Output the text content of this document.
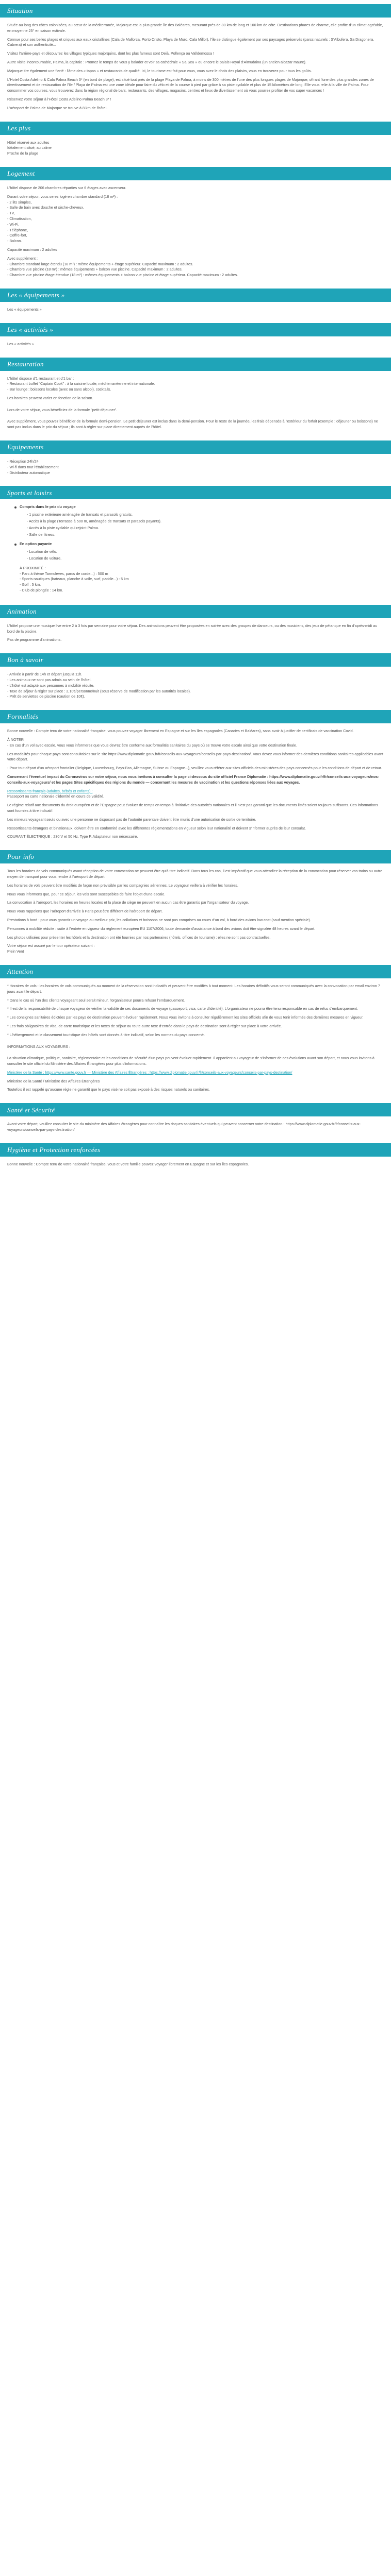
Situation

Située au long des côtes colonisées, au cœur de la méditerranée, Majorque est la plus grande île des Baléares, mesurant près de 80 km de long et 100 km de côte. Destinations phares de charme, elle profite d'un climat agréable, en moyenne 25° en saison estivale.

Connue pour ses belles plages et criques aux eaux cristallines (Cala de Mallorca, Porto Cristo, Playa de Muro, Cala Millor), l'île se distingue également par ses paysages préservés (parcs naturels : S'Albufera, Sa Dragonera, Cabrera) et son authenticité...

Visitez l'arrière-pays et découvrez les villages typiques majorquins, dont les plus fameux sont Deià, Pollença ou Valldemossa !

Autre visite incontournable, Palma, la capitale : Promez le temps de vous y balader et voir sa cathédrale « Sa Seu » ou encore le palais Royal d'Almudaina (un ancien alcazar maure).

Majorque tire également une fierté : l'âme des « tapas » et restaurants de qualité. Ici, le tourisme est fait pour vous, vous avez le choix des plaisirs, vous en trouverez pour tous les goûts.

L'Hotel Costa Adelino & Cala Palma Beach 3* (en bord de plage), est situé tout près de la plage Playa de Palma, à moins de 300 mètres de l'une des plus longues plages de Majorque, offrant l'une des plus grandes zones de divertissement et de restauration de l'île / Playa de Palma est une zone idéale pour faire du vélo et de la course à pied par grâce à sa piste cyclable et plus de 15 kilomètres de long. Elle vous relie à la ville de Palma. Pour consommer vos courses, vous trouverez dans la région régional de bars, restaurants, des villages, magasins, centres et lieux de divertissement où vous pourrez profiter de vos super vacances !

Réservez votre séjour à l'Hôtel Costa Adelino Palma Beach 3* !

L'aéroport de Palma de Majorque se trouve à 8 km de l'hôtel.

Les plus

Hôtel réservé aux adultes

Idéalement situé, au calme

Proche de la plage

Logement

L'hôtel dispose de 206 chambres réparties sur 6 étages avec ascenseur.

Durant votre séjour, vous serez logé en chambre standard (18 m²) :

- 2 lits simples,

- Salle de bain avec douche et sèche-cheveux,

- TV,

- Climatisation,

- Wi-Fi,

- Téléphone,

- Coffre-fort,

- Balcon.

Capacité maximum : 2 adultes

Avec supplément :

- Chambre standard large étendu (18 m²) : même équipements + étage supérieur. Capacité maximum : 2 adultes.

- Chambre vue piscine (18 m²) : mêmes équipements + balcon vue piscine. Capacité maximum : 2 adultes.

- Chambre vue piscine étage étendue (18 m²) : mêmes équipements + balcon vue piscine et étage supérieur. Capacité maximum : 2 adultes.

Les « équipements »

Les « équipements »

Les « activités »

Les « activités »

Restauration

L'hôtel dispose d'1 restaurant et d'1 bar :

- Restaurant buffet "Captain Cook" : à la cuisine locale, méditerranéenne et internationale.

- Bar lounge : boissons locales (avec ou sans alcool), cocktails.

Les horaires peuvent varier en fonction de la saison.

Lors de votre séjour, vous bénéficiez de la formule "petit-déjeuner".

Avec supplément, vous pouvez bénéficier de la formule demi-pension. Le petit-déjeuner est inclus dans la demi-pension. Pour le reste de la journée, les frais dépensés à l'extérieur du forfait (exemple : déjeuner ou boissons) ne sont pas inclus dans le prix du séjour ; ils sont à régler sur place directement auprès de l'hôtel.

Equipements

- Réception 24h/24

- Wi-fi dans tout l'établissement

- Distributeur automatique

Sports et loisirs
Compris dans le prix du voyage
- 1 piscine extérieure aménagée de transats et parasols gratuits.
- Accès à la plage (Terrasse à 500 m, aménagée de transats et parasols payants).
- Accès à la piste cyclable qui rejoint Palma.
- Salle de fitness.
En option payante
- Location de vélo.
- Location de voiture.

À PROXIMITÉ :

- Parc à thème Tarmuleves, parcs de corde...) : 500 m

- Sports nautiques (bateaux, planche à voile, surf, paddle...) : 5 km

- Golf : 5 km.

- Club de plongée : 14 km.

Animation

L'hôtel propose une musique live entre 2 à 3 fois par semaine pour votre séjour. Des animations peuvent être proposées en soirée avec des groupes de danseurs, ou des musiciens, des jeux de pétanque en fin d'après-midi au bord de la piscine.

Pas de programme d'animations.

Bon à savoir

- Arrivée à partir de 14h et départ jusqu'à 11h.

- Les animaux ne sont pas admis au sein de l'hôtel.

- L'hôtel est adapté aux personnes à mobilité réduite.

- Taxe de séjour à régler sur place : 2,10€/personne/nuit (sous réserve de modification par les autorités locales).

- Prêt de serviettes de piscine (caution de 10€).

Formalités

Bonne nouvelle : Compte tenu de votre nationalité française, vous pouvez voyager librement en Espagne et sur les îles espagnoles (Canaries et Baléares), sans avoir à justifier de certificats de vaccination Covid.

À NOTER

- En cas d'un vol avec escale, vous vous informerez que vous devrez être conforme aux formalités sanitaires du pays où se trouve votre escale ainsi que votre destination finale.

Les modalités pour chaque pays sont consultables sur le site https://www.diplomatie.gouv.fr/fr/conseils-aux-voyageurs/conseils-par-pays-destination/. Vous devez vous informer des dernières conditions sanitaires applicables avant votre départ.

- Pour tout départ d'un aéroport frontalier (Belgique, Luxembourg, Pays-Bas, Allemagne, Suisse ou Espagne...), veuillez vous référer aux sites officiels des ministères des pays concernés pour les conditions de départ et de retour.

Concernant l'éventuel impact du Coronavirus sur votre séjour, nous vous invitons à consulter la page ci-dessous du site officiel France Diplomatie : https://www.diplomatie.gouv.fr/fr/conseils-aux-voyageurs/nos-conseils-aux-voyageurs/ et les pages Sites spécifiques des régions du monde — concernant les mesures de vaccination et les questions réponses liées aux voyages.

Ressortissants français (adultes, bébés et enfants) :

Passeport ou carte nationale d'identité en cours de validité.

Le régime relatif aux documents du droit européen et de l'Espagne peut évoluer de temps en temps à l'initiative des autorités nationales et il n'est pas garanti que les documents listés soient toujours suffisants. Ces informations sont fournies à titre indicatif.

Les mineurs voyageant seuls ou avec une personne ne disposant pas de l'autorité parentale doivent être munis d'une autorisation de sortie de territoire.

Ressortissants étrangers et binationaux, doivent être en conformité avec les différentes réglementations en vigueur selon leur nationalité et doivent s'informer auprès de leur consulat.

COURANT ÉLECTRIQUE : 230 V et 50 Hz. Type F. Adaptateur non nécessaire.

Pour info

Tous les horaires de vols communiqués avant réception de votre convocation ne peuvent être qu'à titre indicatif. Dans tous les cas, il est impératif que vous attendiez la réception de la convocation pour réserver vos trains ou autre moyen de transport pour vous rendre à l'aéroport de départ.

Les horaires de vols peuvent être modifiés de façon non prévisible par les compagnies aériennes. Le voyageur veillera à vérifier les horaires.

Nous vous informons que, pour ce séjour, les vols sont susceptibles de faire l'objet d'une escale.

La convocation à l'aéroport, les horaires en heures locales et la place de siège ne peuvent en aucun cas être garantis par l'organisateur du voyage.

Nous vous rappelons que l'aéroport d'arrivée à Paris peut être différent de l'aéroport de départ.

Prestations à bord : pour vous garantir un voyage au meilleur prix, les collations et boissons ne sont pas comprises au cours d'un vol, à bord des avions low cost (sauf mention spéciale).

Personnes à mobilité réduite : suite à l'entrée en vigueur du règlement européen EU 1107/2006, toute demande d'assistance à bord des avions doit être signalée 48 heures avant le départ.

Les photos utilisées pour présenter les hôtels et la destination ont été fournies par nos partenaires (hôtels, offices de tourisme) : elles ne sont pas contractuelles.

Votre séjour est assuré par le tour opérateur suivant :

Plein Vent

Attention

* Horaires de vols : les horaires de vols communiqués au moment de la réservation sont indicatifs et peuvent être modifiés à tout moment. Les horaires définitifs vous seront communiqués avec la convocation par email environ 7 jours avant le départ.

* Dans le cas où l'un des clients voyageant seul serait mineur, l'organisateur pourra refuser l'embarquement.

* Il est de la responsabilité de chaque voyageur de vérifier la validité de ses documents de voyage (passeport, visa, carte d'identité). L'organisateur ne pourra être tenu responsable en cas de refus d'embarquement.

* Les consignes sanitaires édictées par les pays de destination peuvent évoluer rapidement. Nous vous invitons à consulter régulièrement les sites officiels afin de vous tenir informés des dernières mesures en vigueur.

* Les frais obligatoires de visa, de carte touristique et les taxes de séjour ou toute autre taxe d'entrée dans le pays de destination sont à régler sur place à votre arrivée.

* L'hébergement et le classement touristique des hôtels sont donnés à titre indicatif, selon les normes du pays concerné.

INFORMATIONS AUX VOYAGEURS :

La situation climatique, politique, sanitaire, réglementaire et les conditions de sécurité d'un pays peuvent évoluer rapidement. Il appartient au voyageur de s'informer de ces évolutions avant son départ, et nous vous invitons à consulter le site officiel du Ministère des Affaires Étrangères pour plus d'informations.

Ministère de la Santé : https://www.sante.gouv.fr — Ministère des Affaires Étrangères : https://www.diplomatie.gouv.fr/fr/conseils-aux-voyageurs/conseils-par-pays-destination/

Ministère de la Santé / Ministère des Affaires Étrangères

Toutefois il est rappelé qu'aucune règle ne garantit que le pays visé ne soit pas exposé à des risques naturels ou sanitaires.

Santé et Sécurité

Avant votre départ, veuillez consulter le site du ministère des Affaires étrangères pour connaître les risques sanitaires éventuels qui peuvent concerner votre destination : https://www.diplomatie.gouv.fr/fr/conseils-aux-voyageurs/conseils-par-pays-destination/

Hygiène et Protection renforcées

Bonne nouvelle : Compte tenu de votre nationalité française, vous et votre famille pouvez voyager librement en Espagne et sur les îles espagnoles.
